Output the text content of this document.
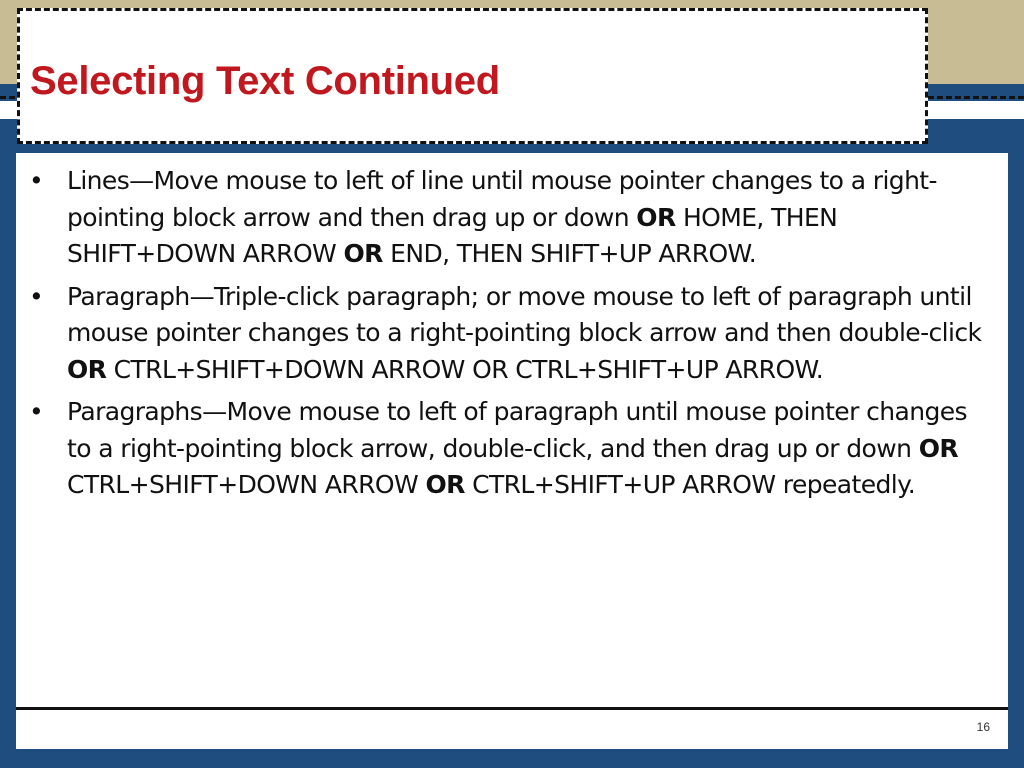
Selecting Text Continued
• Lines—Move mouse to left of line until mouse pointer changes to a right-pointing block arrow and then drag up or down OR HOME, THEN SHIFT+DOWN ARROW OR END, THEN SHIFT+UP ARROW.
• Paragraph—Triple-click paragraph; or move mouse to left of paragraph until mouse pointer changes to a right-pointing block arrow and then double-click OR CTRL+SHIFT+DOWN ARROW OR CTRL+SHIFT+UP ARROW.
• Paragraphs—Move mouse to left of paragraph until mouse pointer changes to a right-pointing block arrow, double-click, and then drag up or down OR CTRL+SHIFT+DOWN ARROW OR CTRL+SHIFT+UP ARROW repeatedly.
16
